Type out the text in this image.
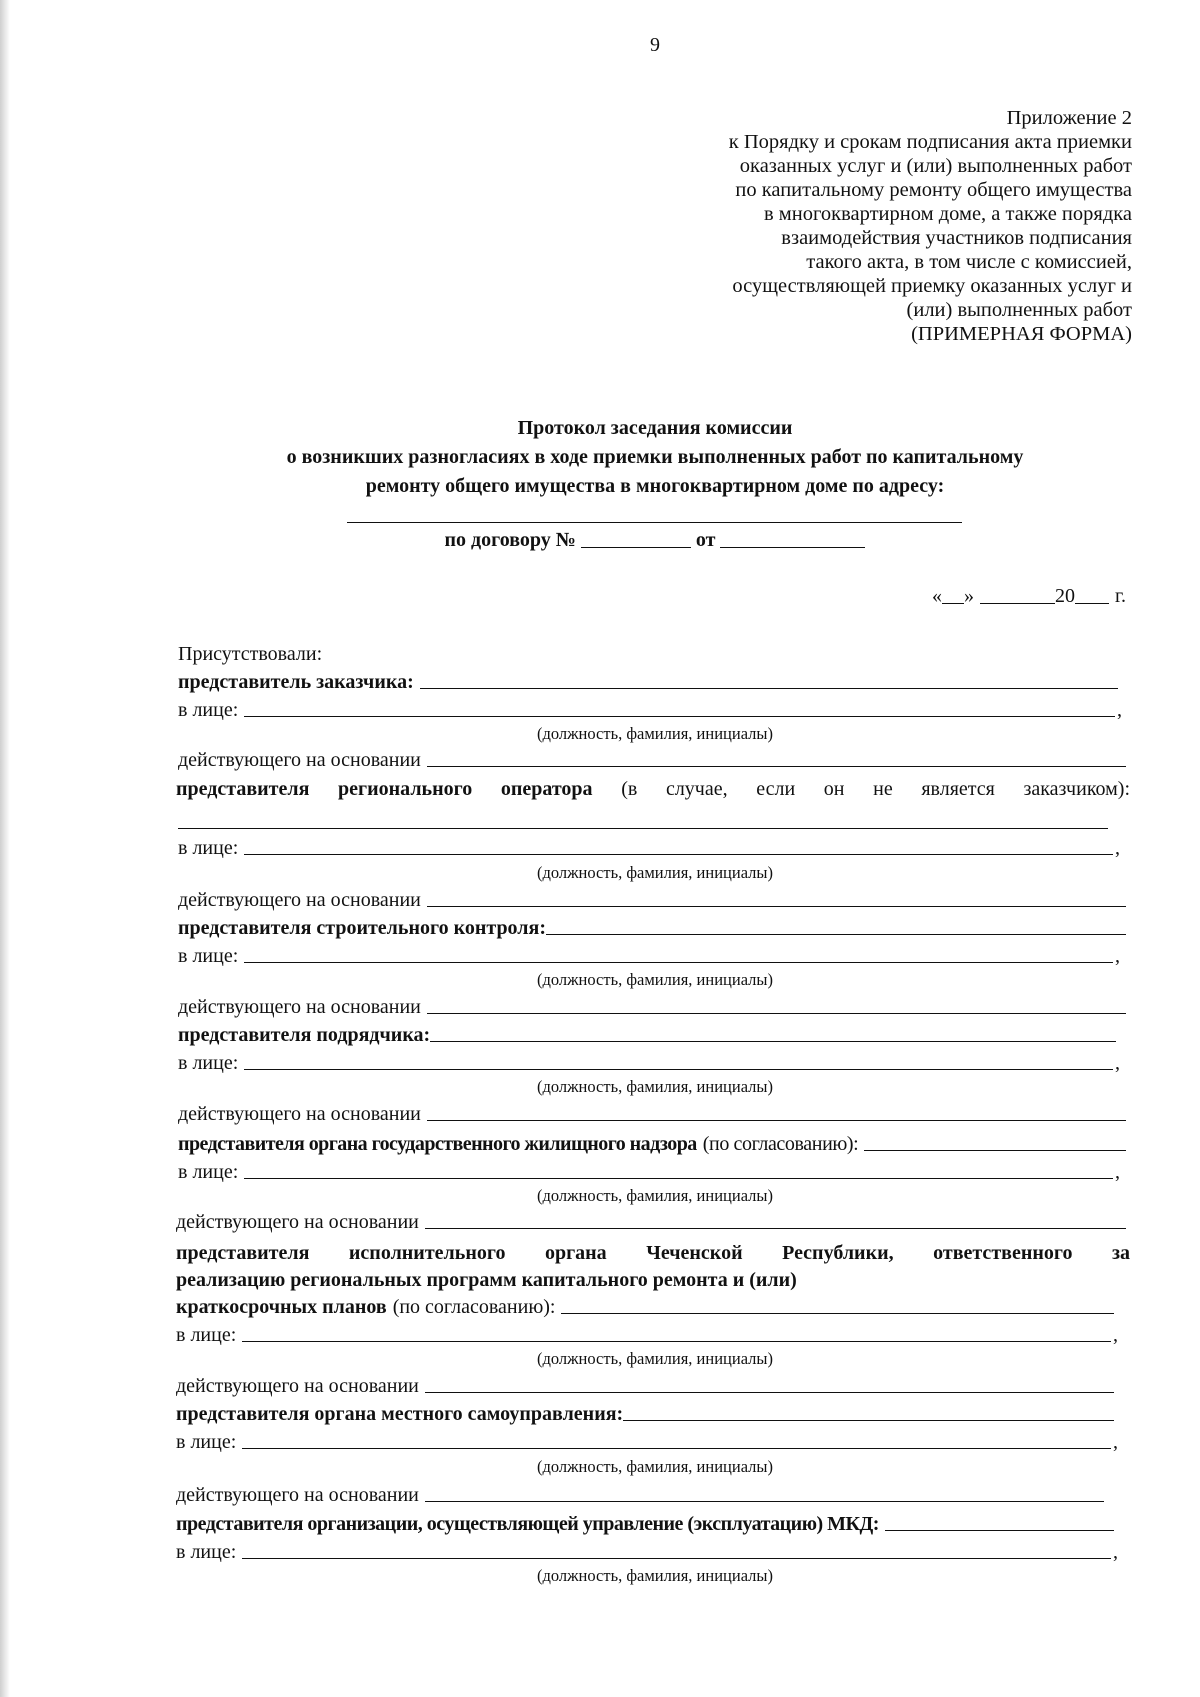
9
Приложение 2
к Порядку и срокам подписания акта приемки
оказанных услуг и (или) выполненных работ
по капитальному ремонту общего имущества
в многоквартирном доме, а также порядка
взаимодействия участников подписания
такого акта, в том числе с комиссией,
осуществляющей приемку оказанных услуг и
(или) выполненных работ
(ПРИМЕРНАЯ ФОРМА)
Протокол заседания комиссии
о возникших разногласиях в ходе приемки выполненных работ по капитальному
ремонту общего имущества в многоквартирном доме по адресу:
по договору №	от
« »	20 г.
Присутствовали:
представитель заказчика:
в лице:	,
(должность, фамилия, инициалы)
действующего на основании
представителя регионального оператора (в случае, если он не является заказчиком):
в лице:	,
(должность, фамилия, инициалы)
действующего на основании
представителя строительного контроля:
в лице:	,
(должность, фамилия, инициалы)
действующего на основании
представителя подрядчика:
в лице:	,
(должность, фамилия, инициалы)
действующего на основании
представителя органа государственного жилищного надзора (по согласованию):
в лице:	,
(должность, фамилия, инициалы)
действующего на основании
представителя исполнительного органа Чеченской Республики, ответственного за
реализацию региональных программ капитального ремонта и (или)
краткосрочных планов (по согласованию):
в лице:	,
(должность, фамилия, инициалы)
действующего на основании
представителя органа местного самоуправления:
в лице:	,
(должность, фамилия, инициалы)
действующего на основании
представителя организации, осуществляющей управление (эксплуатацию) МКД:
в лице:	,
(должность, фамилия, инициалы)
